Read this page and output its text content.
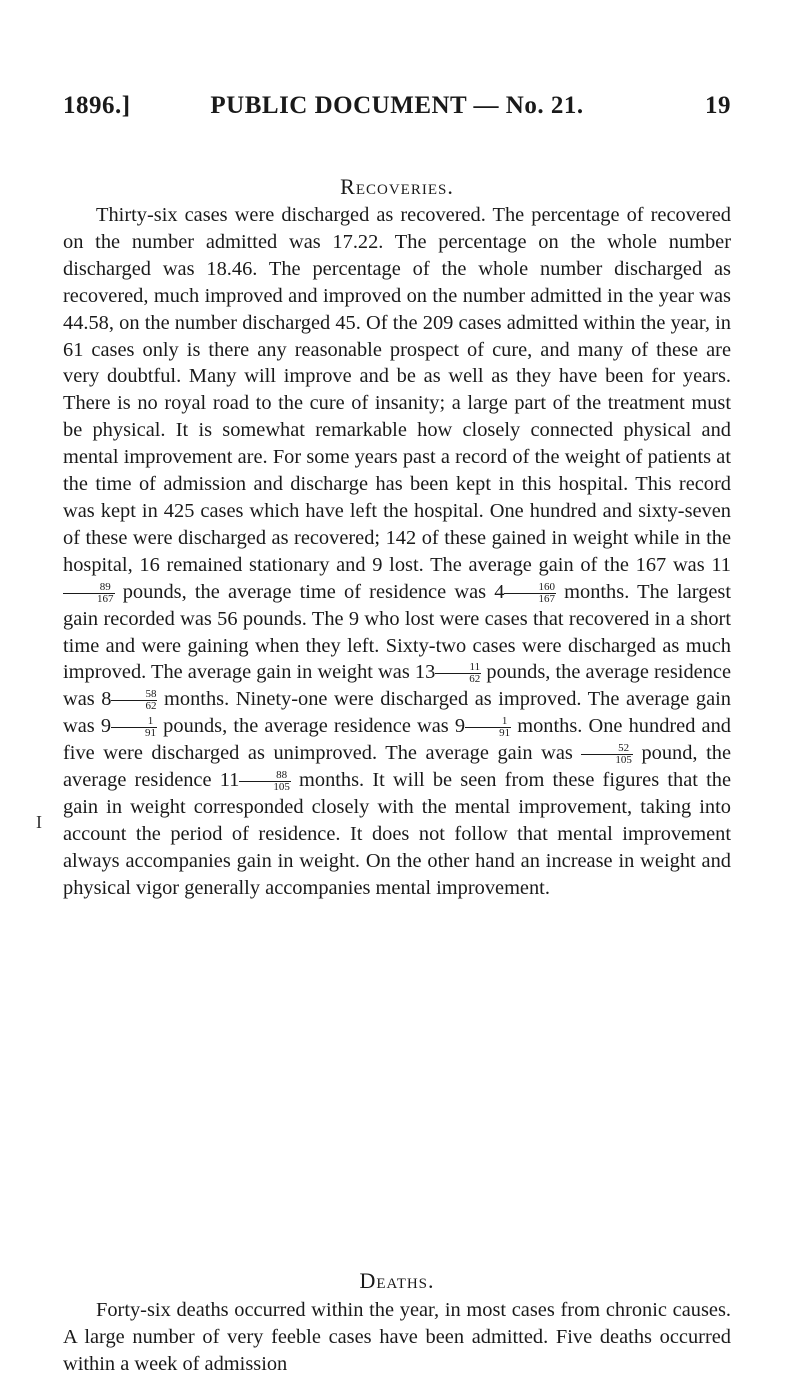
1896.]	PUBLIC DOCUMENT — No. 21.	19
Recoveries.

Thirty-six cases were discharged as recovered. The percentage of recovered on the number admitted was 17.22. The percentage on the whole number discharged was 18.46. The percentage of the whole number discharged as recovered, much improved and improved on the number admitted in the year was 44.58, on the number discharged 45. Of the 209 cases admitted within the year, in 61 cases only is there any reasonable prospect of cure, and many of these are very doubtful. Many will improve and be as well as they have been for years. There is no royal road to the cure of insanity; a large part of the treatment must be physical. It is somewhat remarkable how closely connected physical and mental improvement are. For some years past a record of the weight of patients at the time of admission and discharge has been kept in this hospital. This record was kept in 425 cases which have left the hospital. One hundred and sixty-seven of these were discharged as recovered; 142 of these gained in weight while in the hospital, 16 remained stationary and 9 lost. The average gain of the 167 was 11
$\frac{89}{167}$ pounds, the average time of residence was $4 \frac{160}{167}$ months. The largest gain recorded was 56 pounds. The 9 who lost were cases that recovered in a short time and were gaining when they left. Sixty-two cases were discharged as much improved. The average gain in weight was $13 \frac{11}{62}$ pounds, the average residence was $8 \frac{58}{62}$ months. Ninety-one were discharged as improved. The average gain was $9 \frac{1}{91}$ pounds, the average residence was $9 \frac{1}{91}$ months. One hundred and five were discharged as unimproved. The average gain was $\frac{52}{105}$ pound, the average residence $11 \frac{88}{105}$ months. It will be seen from these figures that the gain in weight corresponded closely with the mental improvement, taking into account the period of residence. It does not follow that mental improvement always accompanies gain in weight. On the other hand an increase in weight and physical vigor generally accompanies mental improvement.

Deaths.

Forty-six deaths occurred within the year, in most cases from chronic causes. A large number of very feeble cases have been admitted. Five deaths occurred within a week of admission

I
